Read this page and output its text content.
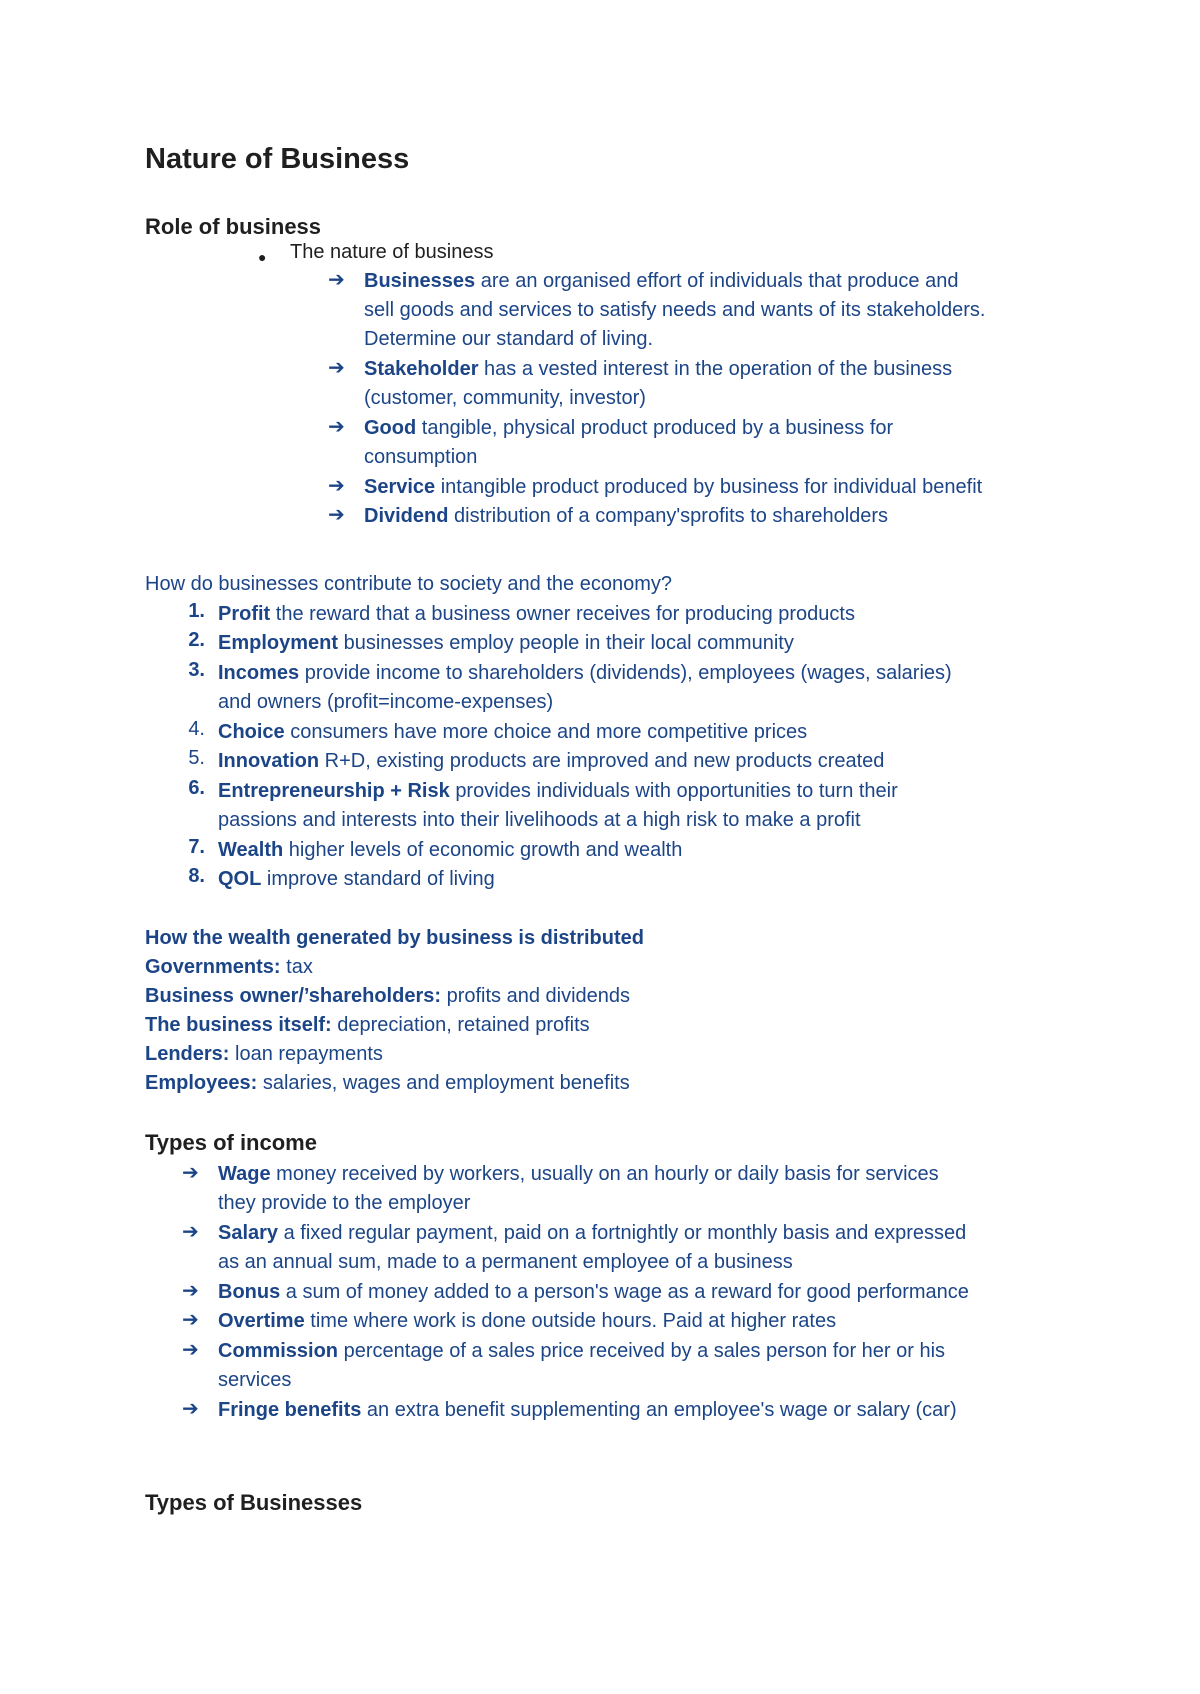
Nature of Business
Role of business
● The nature of business
➔ Businesses are an organised effort of individuals that produce and
sell goods and services to satisfy needs and wants of its stakeholders.
Determine our standard of living.
➔ Stakeholder has a vested interest in the operation of the business
(customer, community, investor)
➔ Good tangible, physical product produced by a business for
consumption
➔ Service intangible product produced by business for individual benefit
➔ Dividend distribution of a company'sprofits to shareholders
How do businesses contribute to society and the economy?
1. Profit the reward that a business owner receives for producing products
2. Employment businesses employ people in their local community
3. Incomes provide income to shareholders (dividends), employees (wages, salaries)
and owners (profit=income-expenses)
4. Choice consumers have more choice and more competitive prices
5. Innovation R+D, existing products are improved and new products created
6. Entrepreneurship + Risk provides individuals with opportunities to turn their
passions and interests into their livelihoods at a high risk to make a profit
7. Wealth higher levels of economic growth and wealth
8. QOL improve standard of living
How the wealth generated by business is distributed
Governments: tax
Business owner/’shareholders: profits and dividends
The business itself: depreciation, retained profits
Lenders: loan repayments
Employees: salaries, wages and employment benefits
Types of income
➔ Wage money received by workers, usually on an hourly or daily basis for services
they provide to the employer
➔ Salary a fixed regular payment, paid on a fortnightly or monthly basis and expressed
as an annual sum, made to a permanent employee of a business
➔ Bonus a sum of money added to a person's wage as a reward for good performance
➔ Overtime time where work is done outside hours. Paid at higher rates
➔ Commission percentage of a sales price received by a sales person for her or his
services
➔ Fringe benefits an extra benefit supplementing an employee's wage or salary (car)
Types of Businesses
